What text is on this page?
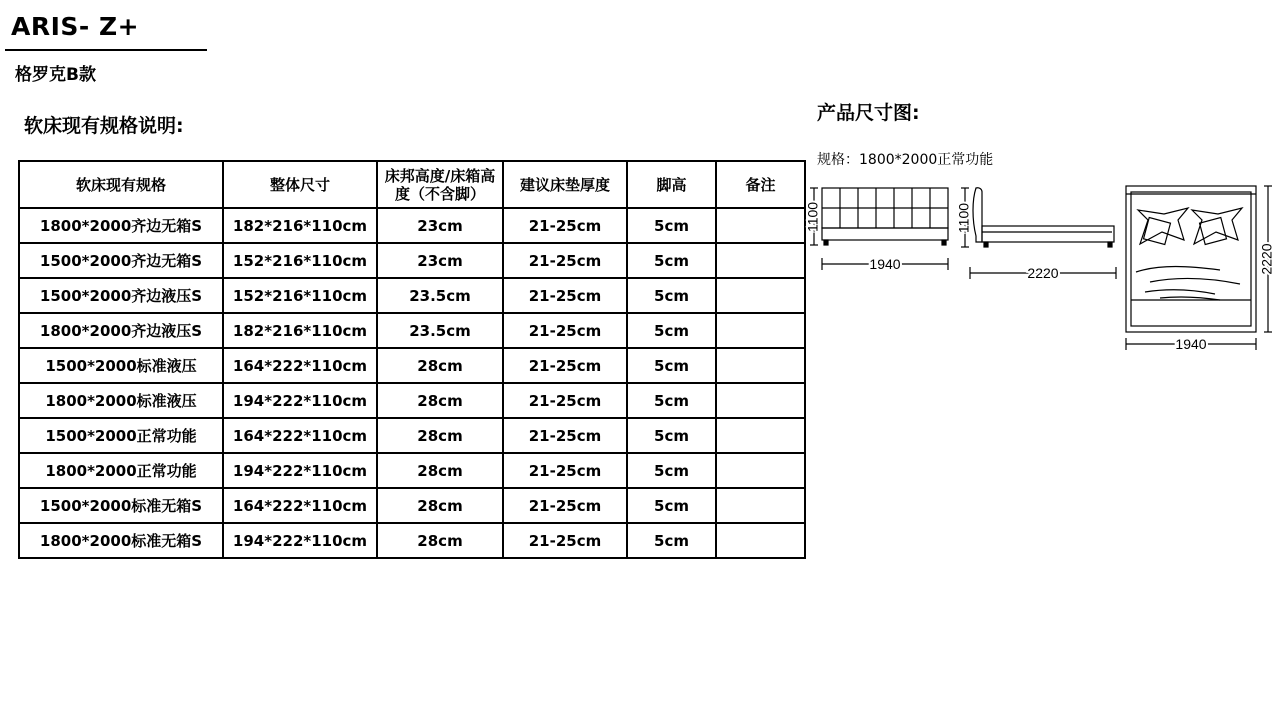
ARIS- Z+
格罗克B款
软床现有规格说明:
软床现有规格	整体尺寸	床邦高度/床箱高度（不含脚）	建议床垫厚度	脚高	备注
1800*2000齐边无箱S	182*216*110cm	23cm	21-25cm	5cm	
1500*2000齐边无箱S	152*216*110cm	23cm	21-25cm	5cm	
1500*2000齐边液压S	152*216*110cm	23.5cm	21-25cm	5cm	
1800*2000齐边液压S	182*216*110cm	23.5cm	21-25cm	5cm	
1500*2000标准液压	164*222*110cm	28cm	21-25cm	5cm	
1800*2000标准液压	194*222*110cm	28cm	21-25cm	5cm	
1500*2000正常功能	164*222*110cm	28cm	21-25cm	5cm	
1800*2000正常功能	194*222*110cm	28cm	21-25cm	5cm	
1500*2000标准无箱S	164*222*110cm	28cm	21-25cm	5cm	
1800*2000标准无箱S	194*222*110cm	28cm	21-25cm	5cm	
产品尺寸图:
规格：1800*2000正常功能
1100
1940
1100
2220	2220
1940
